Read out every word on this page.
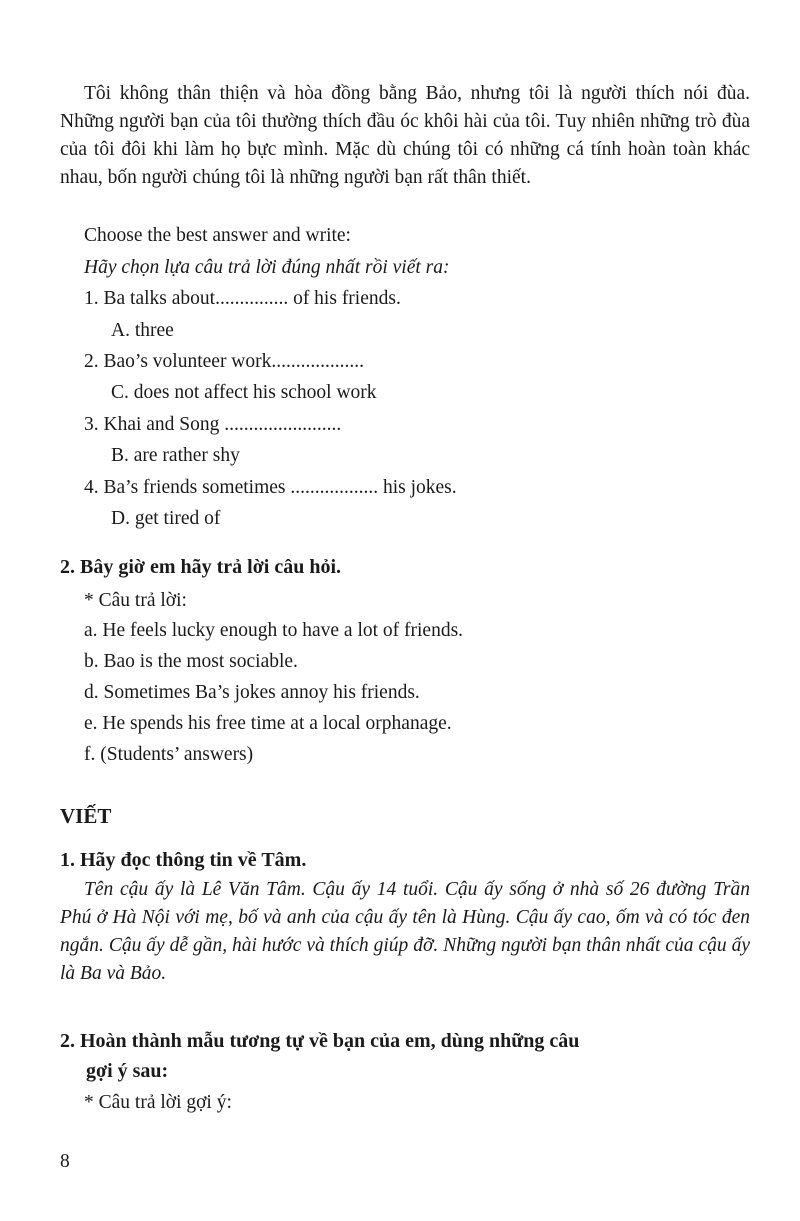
Tôi không thân thiện và hòa đồng bằng Bảo, nhưng tôi là người thích nói đùa. Những người bạn của tôi thường thích đầu óc khôi hài của tôi. Tuy nhiên những trò đùa của tôi đôi khi làm họ bực mình. Mặc dù chúng tôi có những cá tính hoàn toàn khác nhau, bốn người chúng tôi là những người bạn rất thân thiết.

Choose the best answer and write:
Hãy chọn lựa câu trả lời đúng nhất rồi viết ra:
1. Ba talks about............... of his friends.
A. three
2. Bao’s volunteer work...................
C. does not affect his school work
3. Khai and Song ........................
B. are rather shy
4. Ba’s friends sometimes .................. his jokes.
D. get tired of
2. Bây giờ em hãy trả lời câu hỏi.
* Câu trả lời:
a. He feels lucky enough to have a lot of friends.
b. Bao is the most sociable.
d. Sometimes Ba’s jokes annoy his friends.
e. He spends his free time at a local orphanage.
f. (Students’ answers)
VIẾT
1. Hãy đọc thông tin về Tâm.

Tên cậu ấy là Lê Văn Tâm. Cậu ấy 14 tuổi. Cậu ấy sống ở nhà số 26 đường Trần Phú ở Hà Nội với mẹ, bố và anh của cậu ấy tên là Hùng. Cậu ấy cao, ốm và có tóc đen ngắn. Cậu ấy dễ gần, hài hước và thích giúp đỡ. Những người bạn thân nhất của cậu ấy là Ba và Bảo.

2. Hoàn thành mẫu tương tự về bạn của em, dùng những câu
gợi ý sau:
* Câu trả lời gợi ý:
8
